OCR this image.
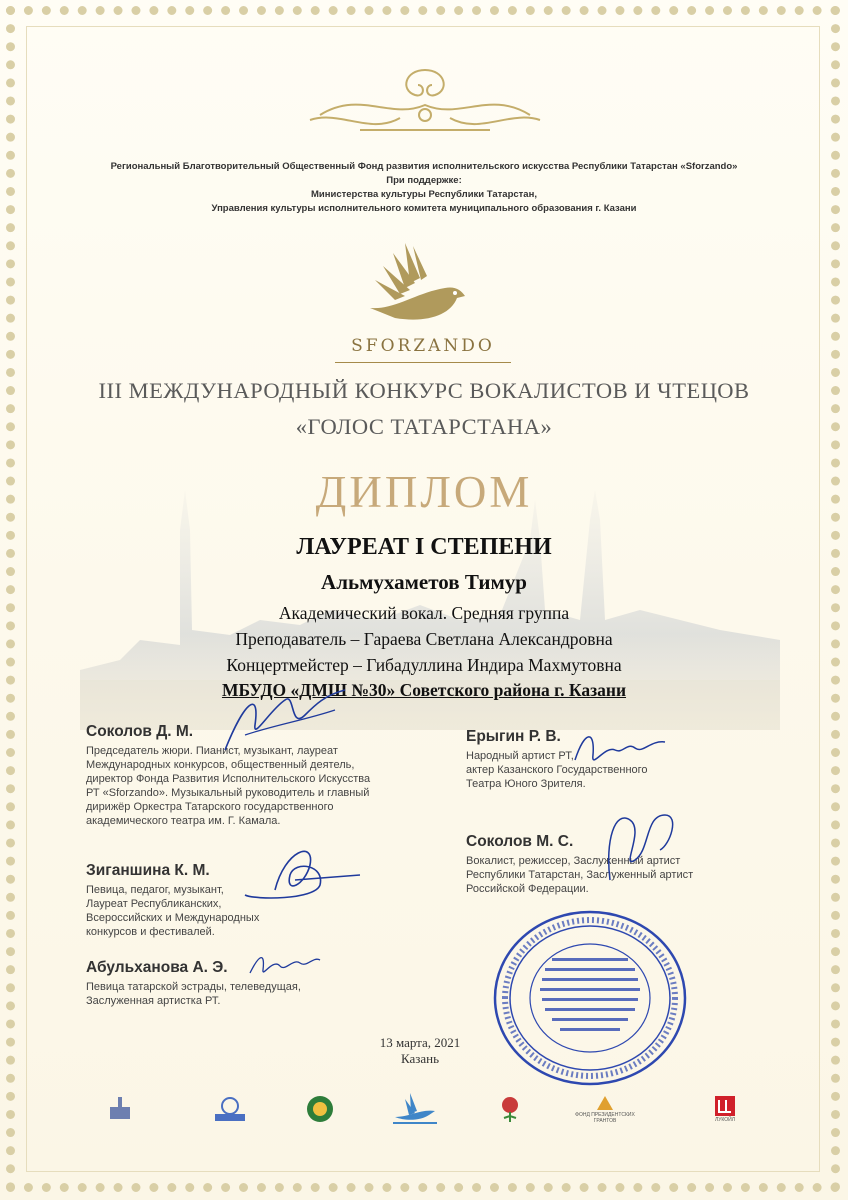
Региональный Благотворительный Общественный Фонд развития исполнительского искусства Республики Татарстан «Sforzando»
При поддержке:
Министерства культуры Республики Татарстан,
Управления культуры исполнительного комитета муниципального образования г. Казани
SFORZANDO
III МЕЖДУНАРОДНЫЙ КОНКУРС ВОКАЛИСТОВ И ЧТЕЦОВ
«ГОЛОС ТАТАРСТАНА»
ДИПЛОМ
ЛАУРЕАТ I СТЕПЕНИ
Альмухаметов Тимур
Академический вокал. Средняя группа
Преподаватель – Гараева Светлана Александровна
Концертмейстер – Гибадуллина Индира Махмутовна
МБУДО «ДМШ №30» Советского района г. Казани
Соколов Д. М.
Председатель жюри. Пианист, музыкант, лауреат
Международных конкурсов, общественный деятель,
директор Фонда Развития Исполнительского Искусства
РТ «Sforzando». Музыкальный руководитель и главный
дирижёр Оркестра Татарского государственного
академического театра им. Г. Камала.
Ерыгин Р. В.
Народный артист РТ,
актер Казанского Государственного
Театра Юного Зрителя.
Соколов М. С.
Вокалист, режиссер, Заслуженный артист
Республики Татарстан, Заслуженный артист
Российской Федерации.
Зиганшина К. М.
Певица, педагог, музыкант,
Лауреат Республиканских,
Всероссийских и Международных
конкурсов и фестивалей.
Абульханова А. Э.
Певица татарской эстрады, телеведущая,
Заслуженная артистка РТ.
13 марта, 2021
Казань
ФОНД ПРЕЗИДЕНТСКИХ ГРАНТОВ	ЛУКОЙЛ
